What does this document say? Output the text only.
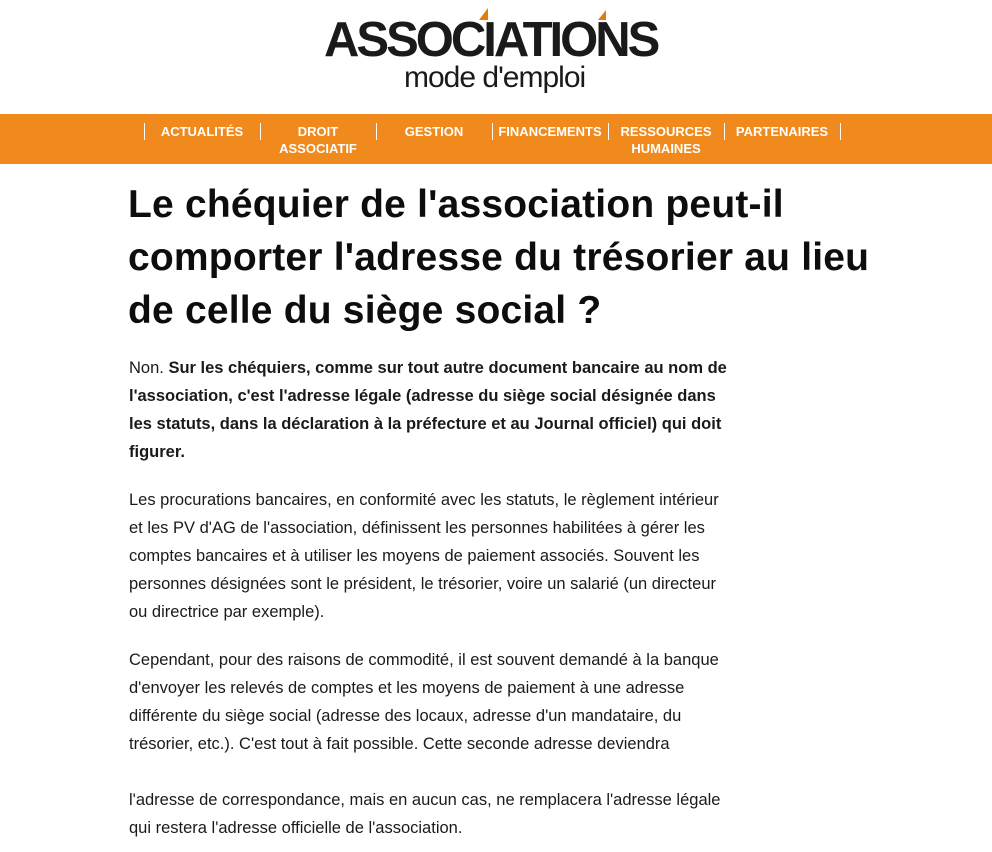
ASSOCIATIONS
mode d'emploi
ACTUALITÉS	DROIT
ASSOCIATIF
GESTION	FINANCEMENTS	RESSOURCES
HUMAINES
PARTENAIRES
Le chéquier de l'association peut-il comporter l'adresse du trésorier au lieu de celle du siège social ?

Non. Sur les chéquiers, comme sur tout autre document bancaire au nom de l'association, c'est l'adresse légale (adresse du siège social désignée dans les statuts, dans la déclaration à la préfecture et au Journal officiel) qui doit figurer.

Les procurations bancaires, en conformité avec les statuts, le règlement intérieur et les PV d'AG de l'association, définissent les personnes habilitées à gérer les comptes bancaires et à utiliser les moyens de paiement associés. Souvent les personnes désignées sont le président, le trésorier, voire un salarié (un directeur ou directrice par exemple).

Cependant, pour des raisons de commodité, il est souvent demandé à la banque d'envoyer les relevés de comptes et les moyens de paiement à une adresse différente du siège social (adresse des locaux, adresse d'un mandataire, du trésorier, etc.). C'est tout à fait possible. Cette seconde adresse deviendra

l'adresse de correspondance, mais en aucun cas, ne remplacera l'adresse légale qui restera l'adresse officielle de l'association.
